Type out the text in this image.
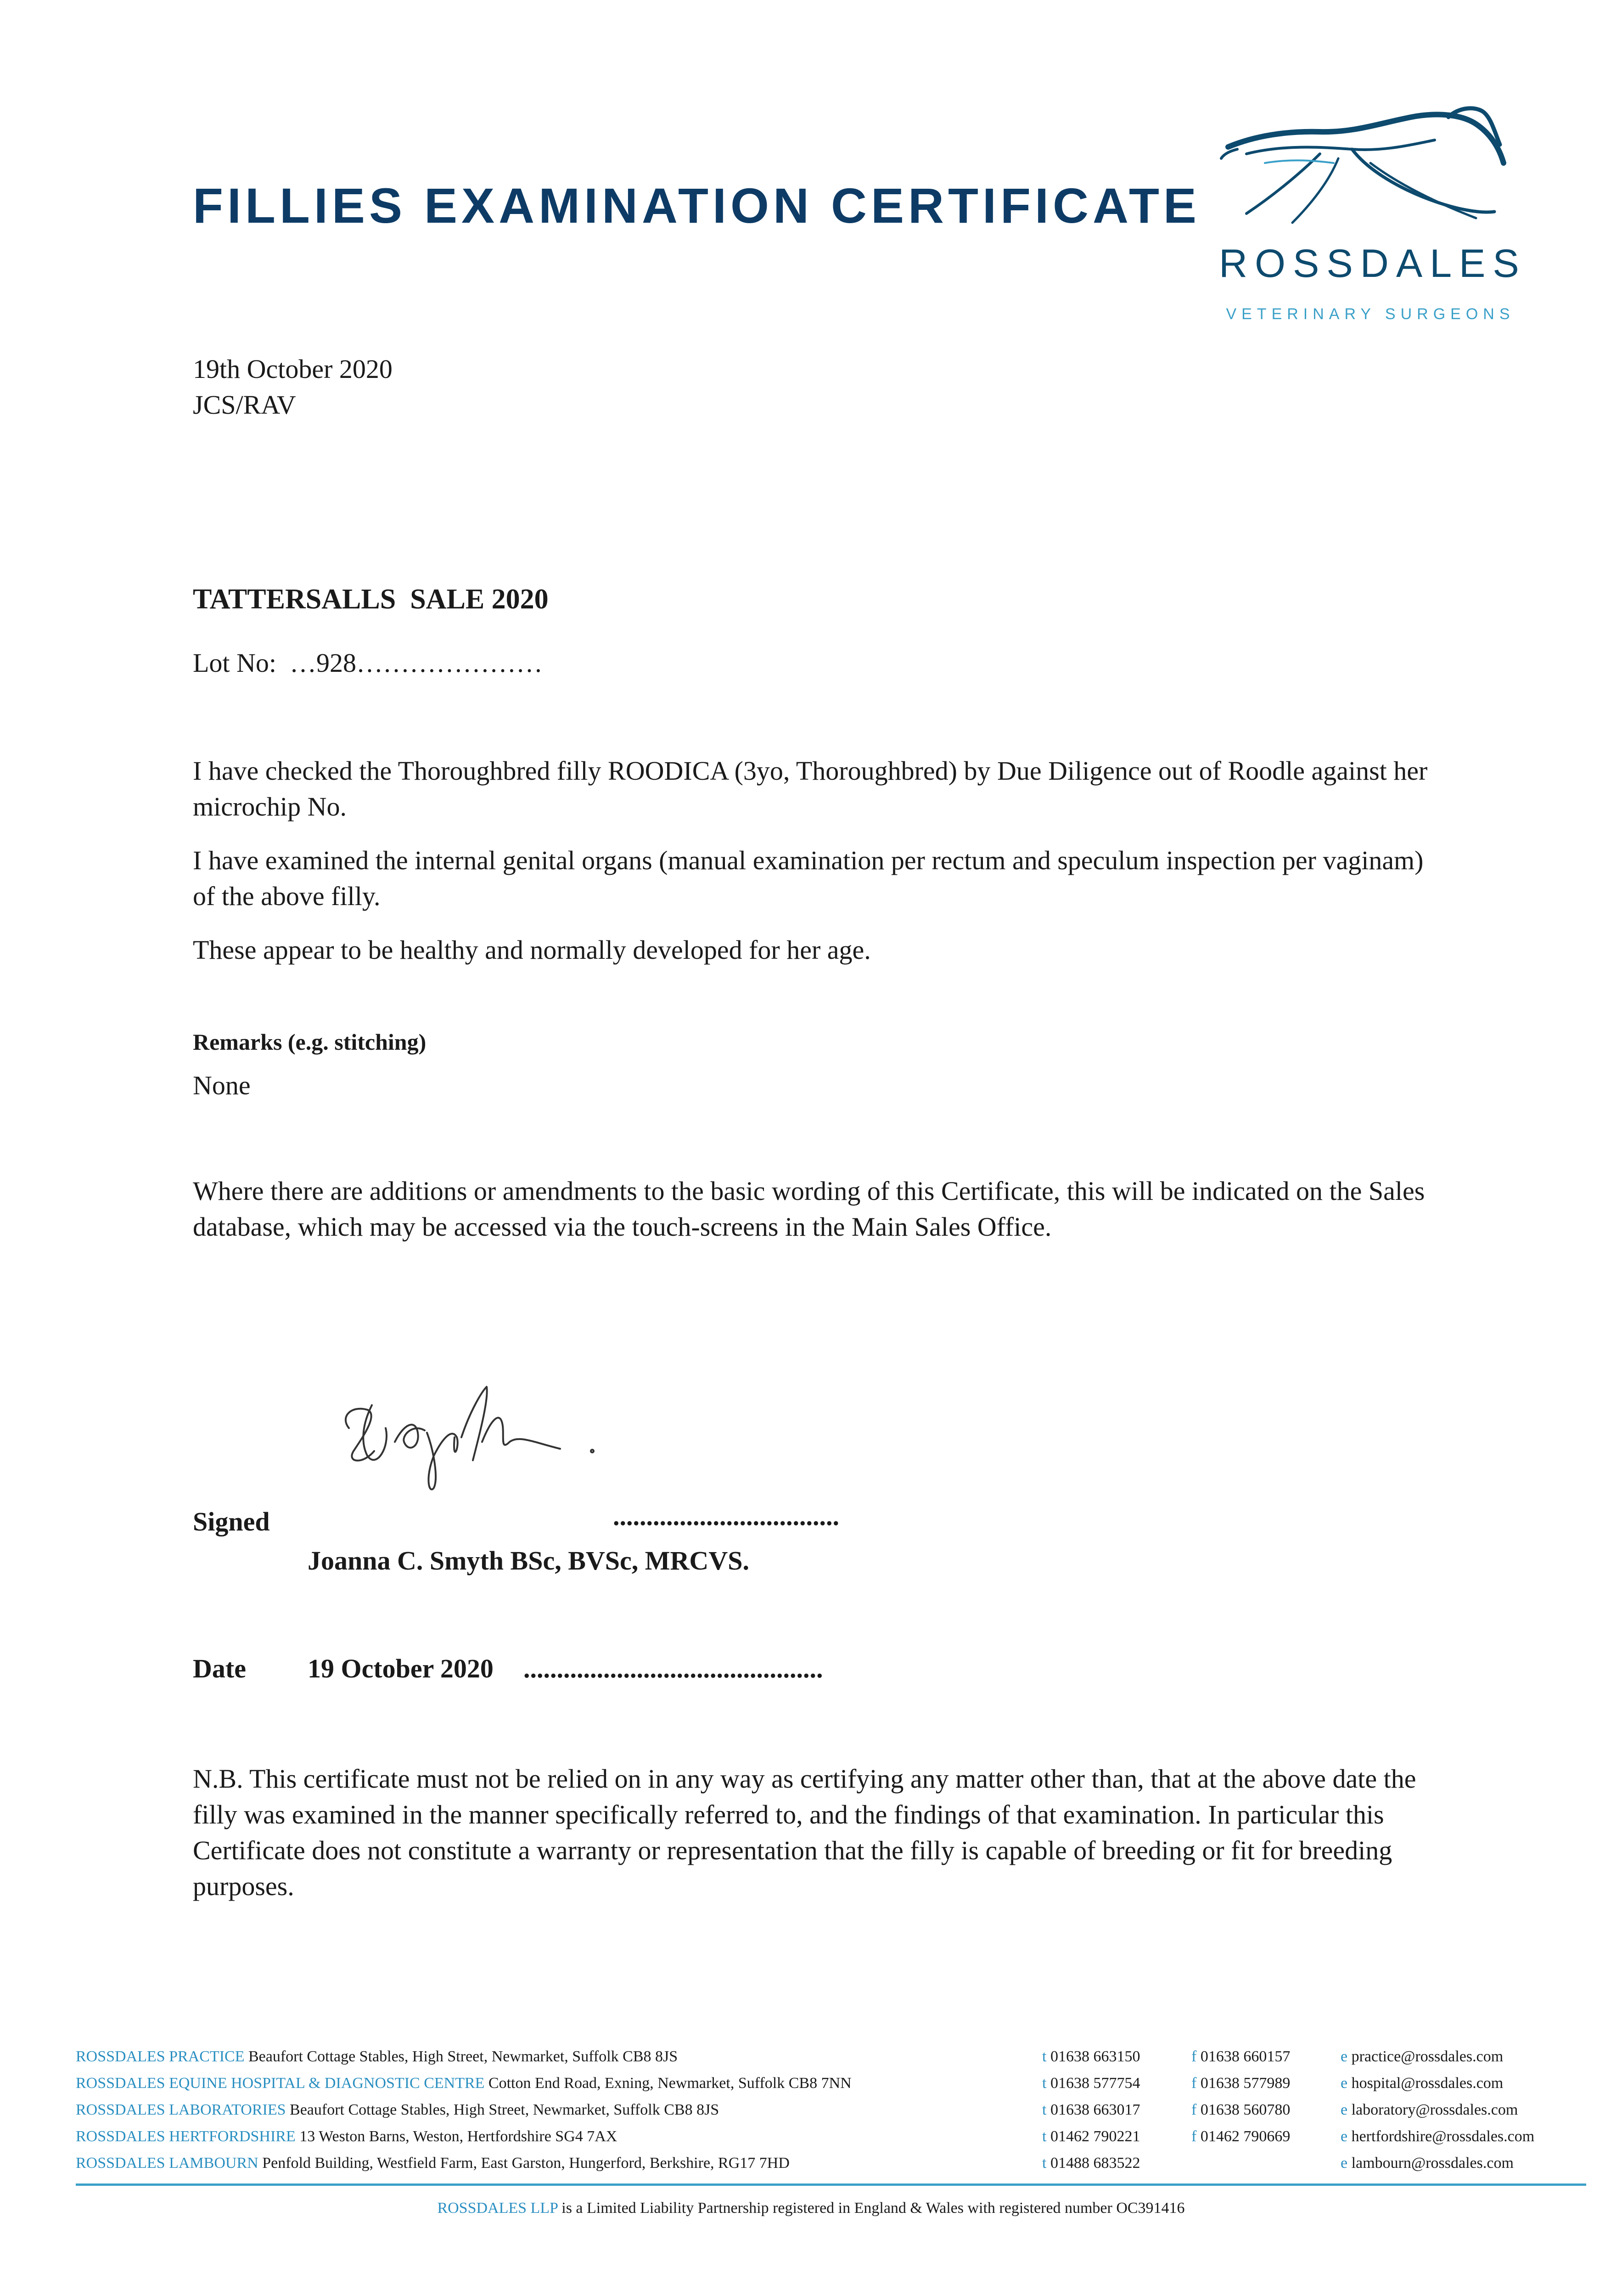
FILLIES EXAMINATION CERTIFICATE
ROSSDALES
VETERINARY SURGEONS
19th October 2020
JCS/RAV
TATTERSALLS  SALE 2020
Lot No:  …928…………………
I have checked the Thoroughbred filly ROODICA (3yo, Thoroughbred) by Due Diligence out of Roodle against her microchip No.
I have examined the internal genital organs (manual examination per rectum and speculum inspection per vaginam) of the above filly.
These appear to be healthy and normally developed for her age.
Remarks (e.g. stitching)
None
Where there are additions or amendments to the basic wording of this Certificate, this will be indicated on the Sales database, which may be accessed via the touch-screens in the Main Sales Office.
Signed	..................................
Joanna C. Smyth BSc, BVSc, MRCVS.
Date 19 October 2020 .............................................
N.B. This certificate must not be relied on in any way as certifying any matter other than, that at the above date the filly was examined in the manner specifically referred to, and the findings of that examination. In particular this Certificate does not constitute a warranty or representation that the filly is capable of breeding or fit for breeding purposes.
ROSSDALES PRACTICE Beaufort Cottage Stables, High Street, Newmarket, Suffolk CB8 8JS	t 01638 663150	f 01638 660157	e practice@rossdales.com
ROSSDALES EQUINE HOSPITAL & DIAGNOSTIC CENTRE Cotton End Road, Exning, Newmarket, Suffolk CB8 7NN	t 01638 577754	f 01638 577989	e hospital@rossdales.com
ROSSDALES LABORATORIES Beaufort Cottage Stables, High Street, Newmarket, Suffolk CB8 8JS	t 01638 663017	f 01638 560780	e laboratory@rossdales.com
ROSSDALES HERTFORDSHIRE 13 Weston Barns, Weston, Hertfordshire SG4 7AX	t 01462 790221	f 01462 790669	e hertfordshire@rossdales.com
ROSSDALES LAMBOURN Penfold Building, Westfield Farm, East Garston, Hungerford, Berkshire, RG17 7HD	t 01488 683522	e lambourn@rossdales.com
ROSSDALES LLP is a Limited Liability Partnership registered in England & Wales with registered number OC391416
